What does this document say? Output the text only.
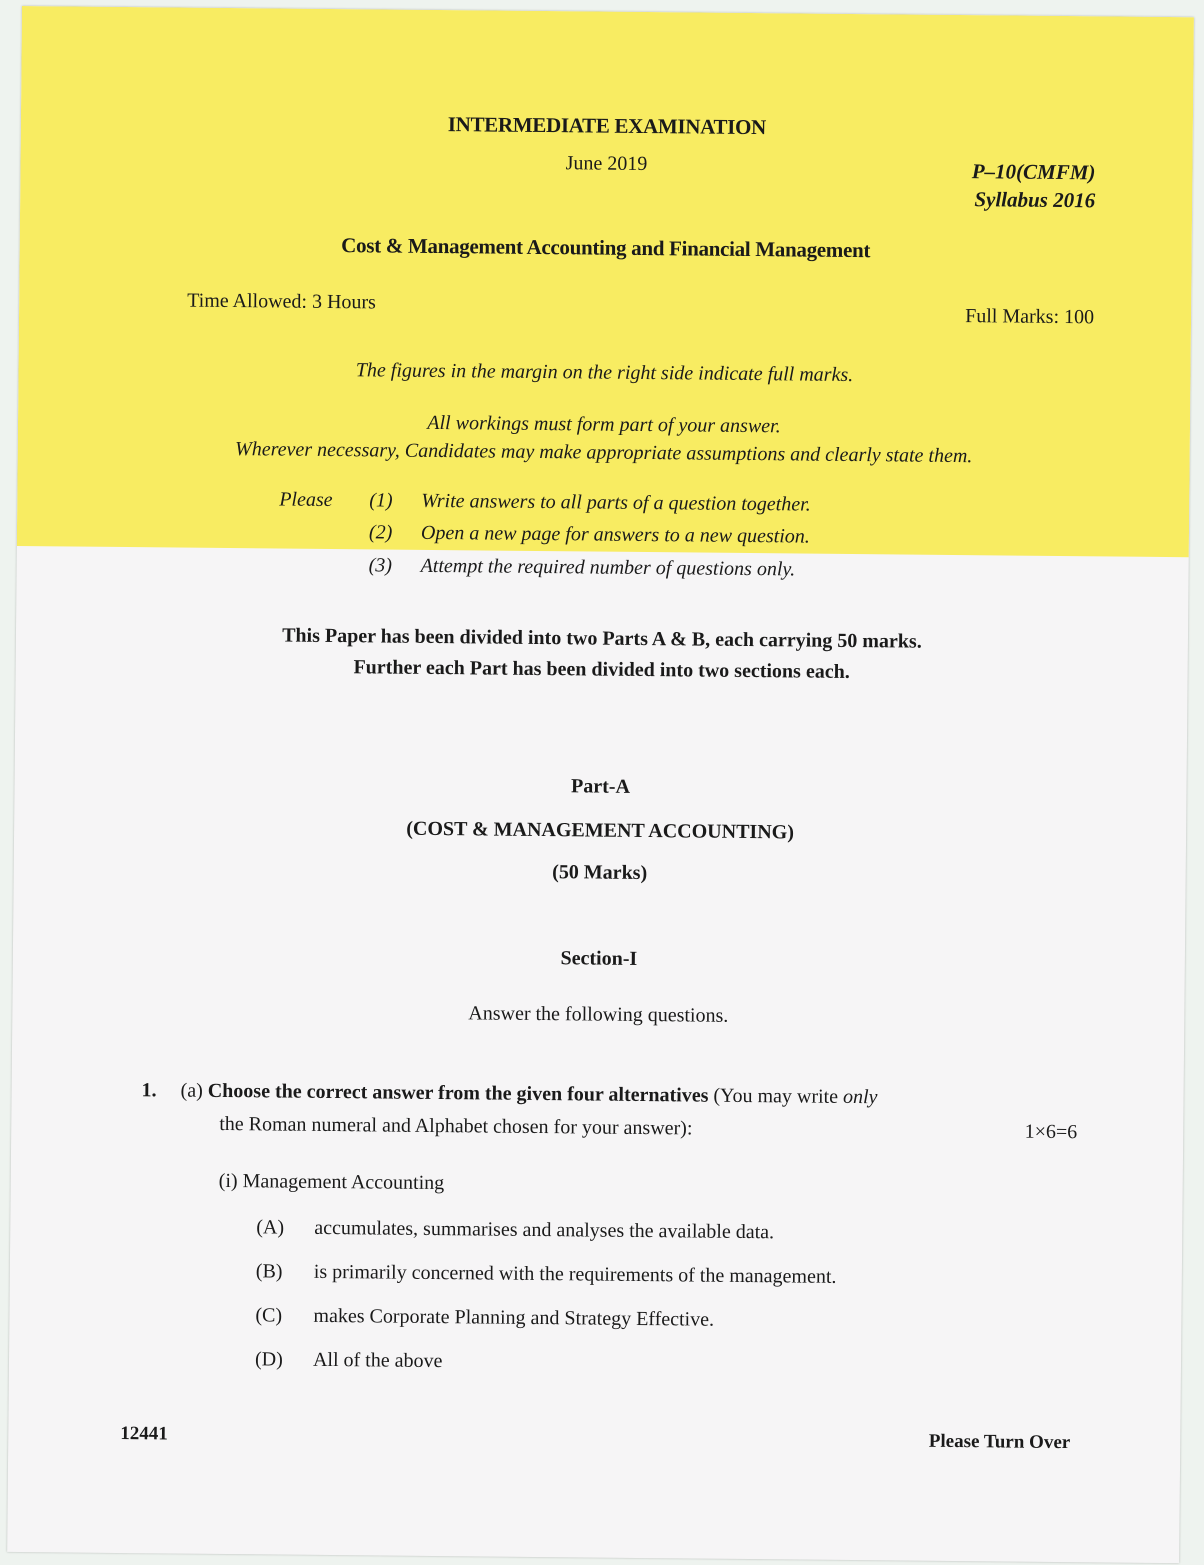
INTERMEDIATE EXAMINATION
June 2019	P–10(CMFM)
Syllabus 2016
Cost & Management Accounting and Financial Management
Time Allowed: 3 Hours
Full Marks: 100
The figures in the margin on the right side indicate full marks.
All workings must form part of your answer.
Wherever necessary, Candidates may make appropriate assumptions and clearly state them.
Please	(1)	Write answers to all parts of a question together.
(2)	Open a new page for answers to a new question.
(3)	Attempt the required number of questions only.
This Paper has been divided into two Parts A & B, each carrying 50 marks.
Further each Part has been divided into two sections each.
Part-A
(COST & MANAGEMENT ACCOUNTING)
(50 Marks)
Section-I
Answer the following questions.
1. (a) Choose the correct answer from the given four alternatives (You may write only
the Roman numeral and Alphabet chosen for your answer):	1×6=6
(i) Management Accounting
(A)	accumulates, summarises and analyses the available data.
(B)	is primarily concerned with the requirements of the management.
(C)	makes Corporate Planning and Strategy Effective.
(D)	All of the above
12441	Please Turn Over
